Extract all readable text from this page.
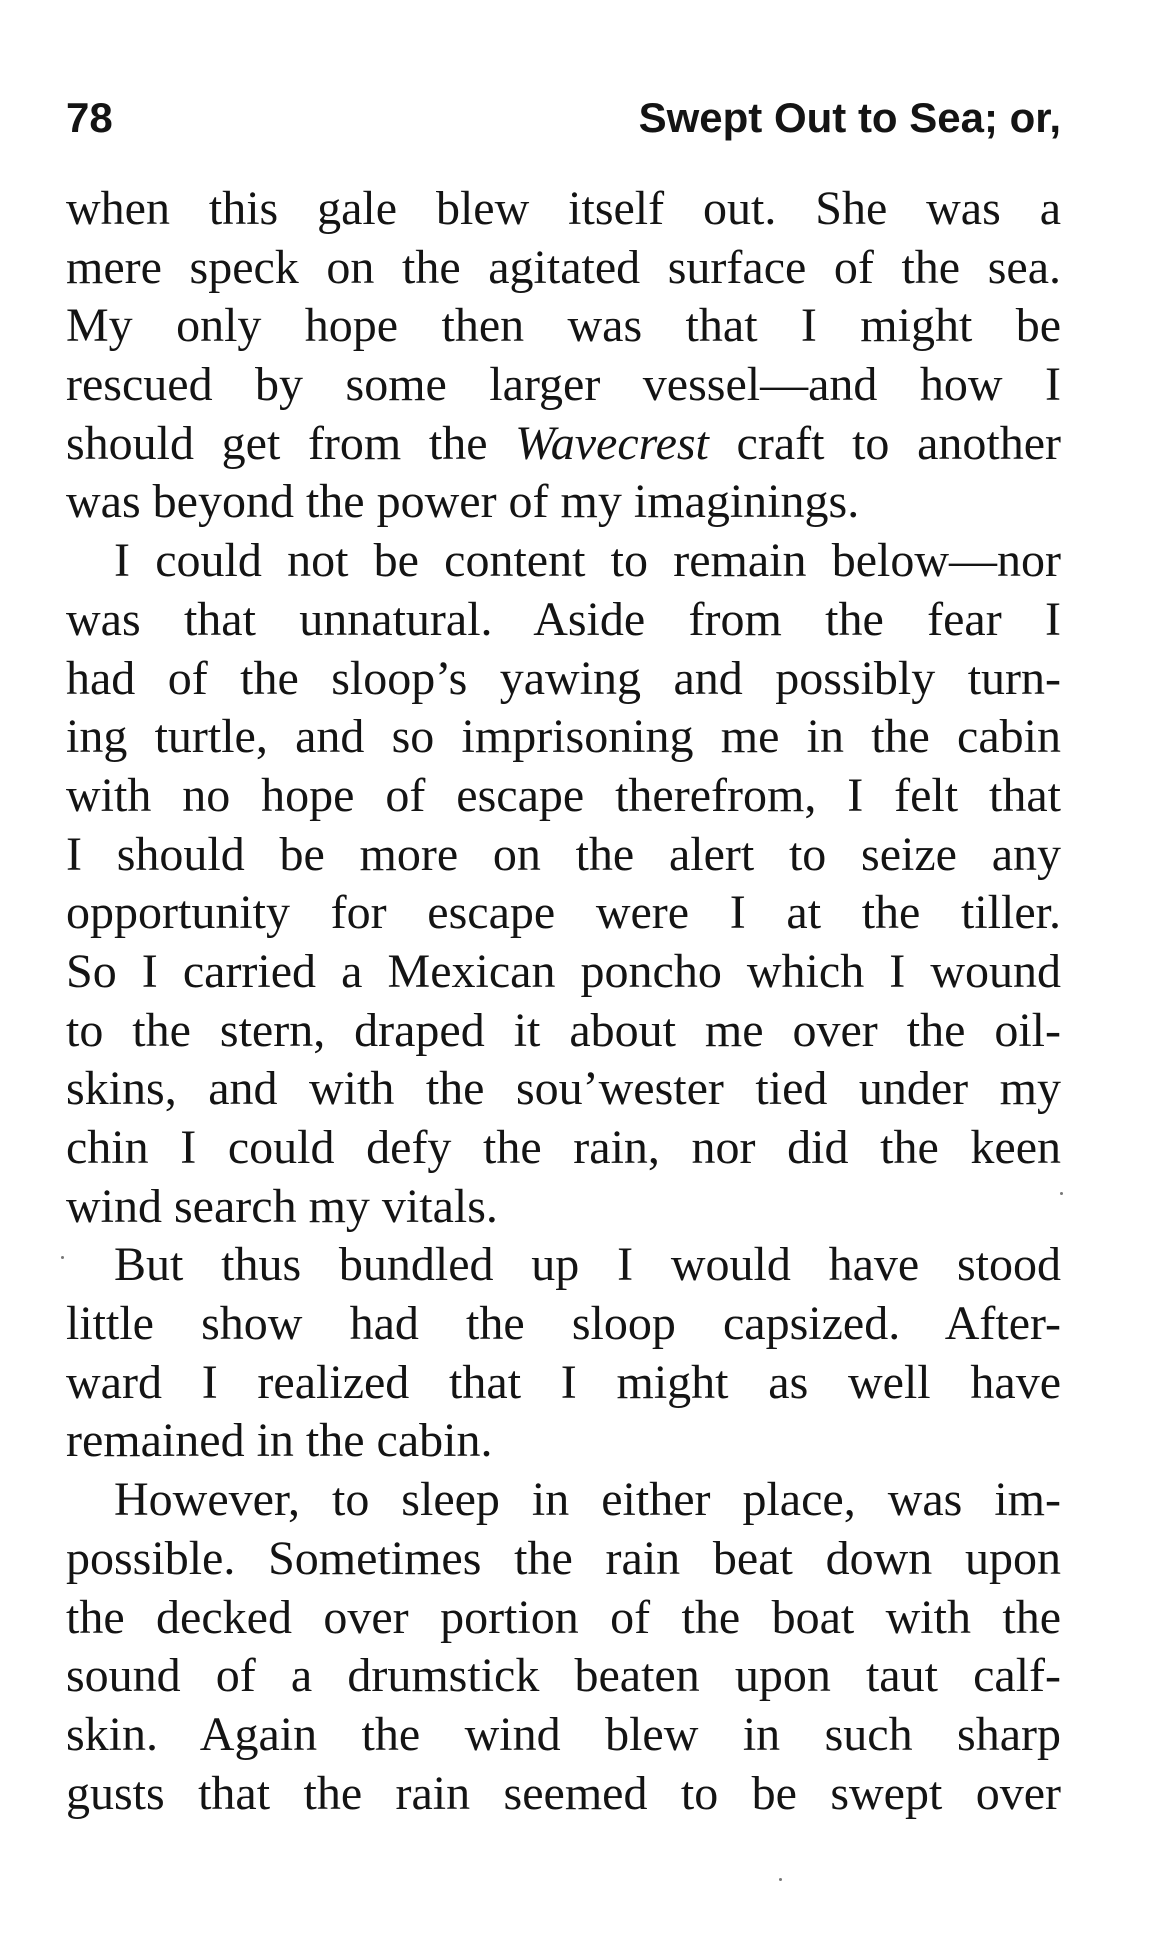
78	Swept Out to Sea; or,
when this gale blew itself out. She was a
mere speck on the agitated surface of the sea.
My only hope then was that I might be
rescued by some larger vessel—and how I
should get from the Wavecrest craft to another
was beyond the power of my imaginings.
I could not be content to remain below—nor
was that unnatural. Aside from the fear I
had of the sloop’s yawing and possibly turn-
ing turtle, and so imprisoning me in the cabin
with no hope of escape therefrom, I felt that
I should be more on the alert to seize any
opportunity for escape were I at the tiller.
So I carried a Mexican poncho which I wound
to the stern, draped it about me over the oil-
skins, and with the sou’wester tied under my
chin I could defy the rain, nor did the keen
wind search my vitals.
But thus bundled up I would have stood
little show had the sloop capsized. After-
ward I realized that I might as well have
remained in the cabin.
However, to sleep in either place, was im-
possible. Sometimes the rain beat down upon
the decked over portion of the boat with the
sound of a drumstick beaten upon taut calf-
skin. Again the wind blew in such sharp
gusts that the rain seemed to be swept over
